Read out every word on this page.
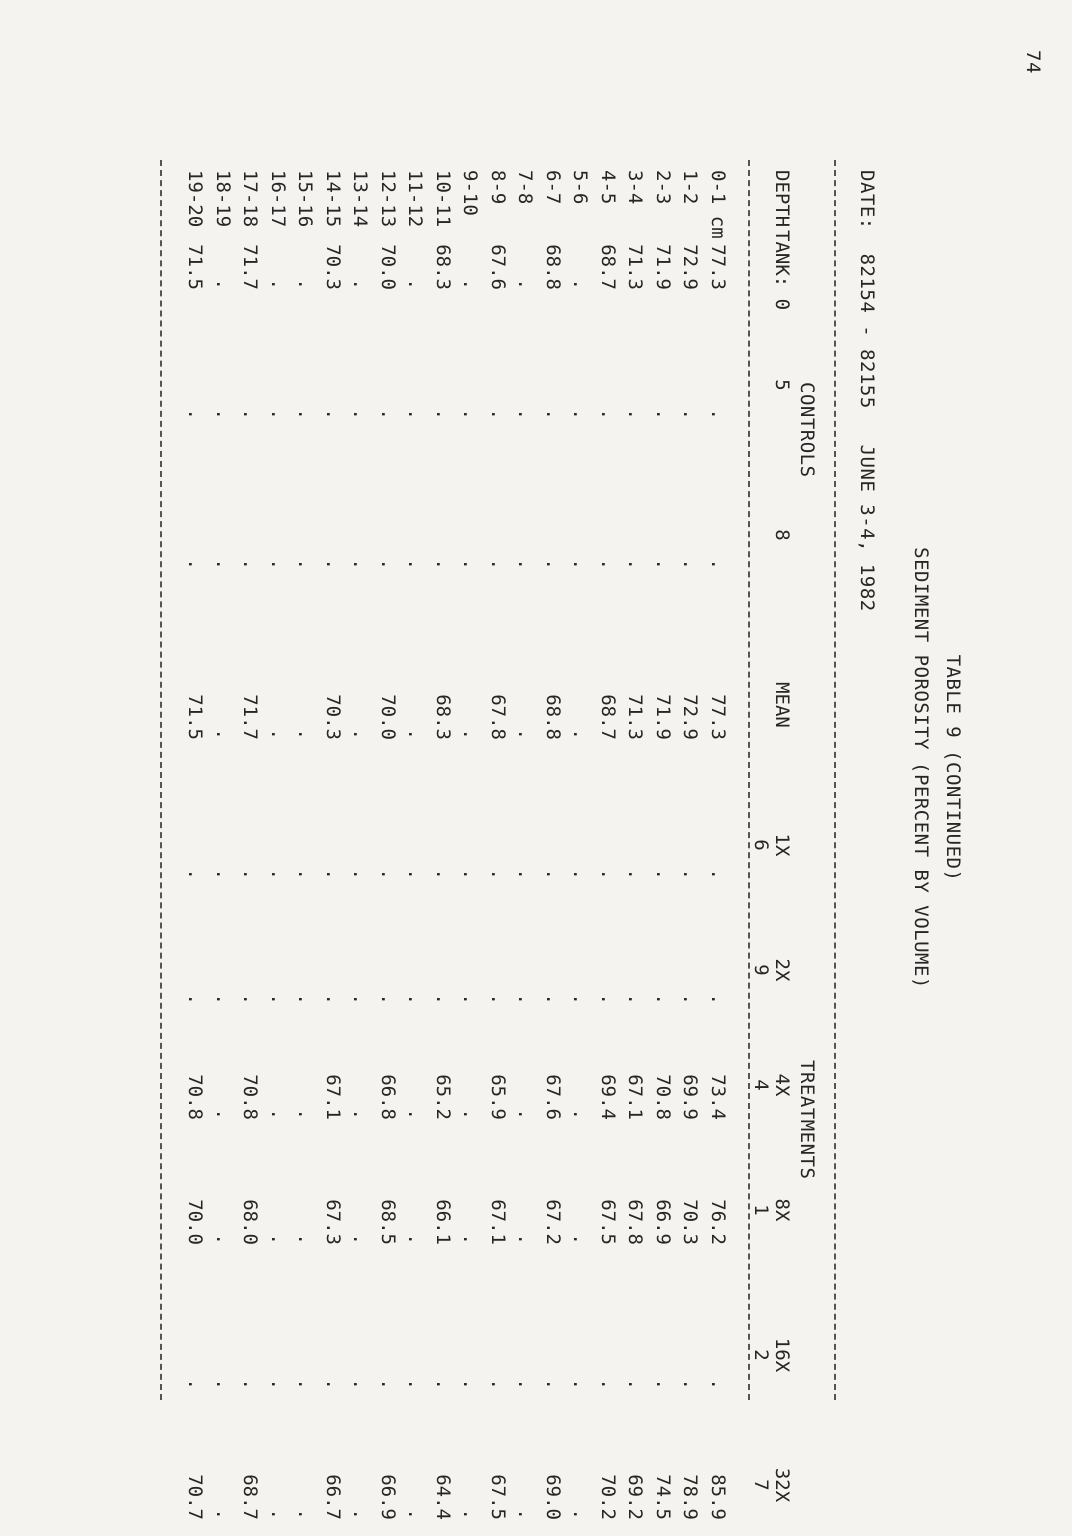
74
TABLE 9 (CONTINUED)
SEDIMENT POROSITY (PERCENT BY VOLUME)
DATE:  82154 - 82155   JUNE 3-4, 1982
CONTROLS
TREATMENTS
DEPTH

TANK: 0

5
8
MEAN
1X
6
2X
9
4X
4
8X
1
16X
2
32X
7
0-1 cm
77.3
.
.
77.3
.
.
73.4
76.2
.
85.9
1-2
72.9
.
.
72.9
.
.
69.9
70.3
.
78.9
2-3
71.9
.
.
71.9
.
.
70.8
66.9
.
74.5
3-4
71.3
.
.
71.3
.
.
67.1
67.8
.
69.2
4-5
68.7
.
.
68.7
.
.
69.4
67.5
.
70.2
5-6
.
.
.
.
.
.
.
.
.
.
6-7
68.8
.
.
68.8
.
.
67.6
67.2
.
69.0
7-8
.
.
.
.
.
.
.
.
.
.
8-9
67.6
.
.
67.8
.
.
65.9
67.1
.
67.5
9-10
.
.
.
.
.
.
.
.
.
.
10-11
68.3
.
.
68.3
.
.
65.2
66.1
.
64.4
11-12
.
.
.
.
.
.
.
.
.
.
12-13
70.0
.
.
70.0
.
.
66.8
68.5
.
66.9
13-14
.
.
.
.
.
.
.
.
.
.
14-15
70.3
.
.
70.3
.
.
67.1
67.3
.
66.7
15-16
.
.
.
.
.
.
.
.
.
.
16-17
.
.
.
.
.
.
.
.
.
.
17-18
71.7
.
.
71.7
.
.
70.8
68.0
.
68.7
18-19
.
.
.
.
.
.
.
.
.
.
19-20
71.5
.
.
71.5
.
.
70.8
70.0
.
70.7
